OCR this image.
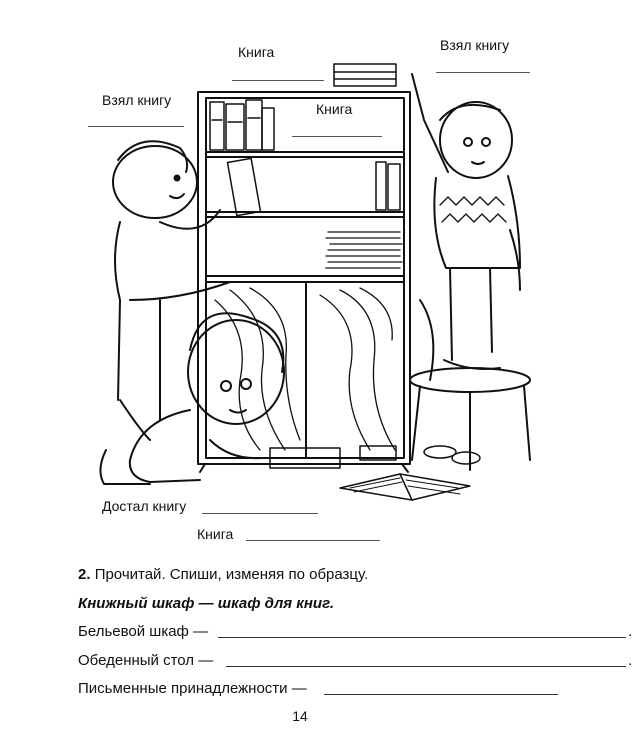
Книга	Взял книгу
Взял книгу
Книга
Достал книгу
Книга
2. Прочитай. Спиши, изменяя по образцу.
Книжный шкаф — шкаф для книг.
Бельевой шкаф —	.
Обеденный стол —	.
Письменные принадлежности —
14
